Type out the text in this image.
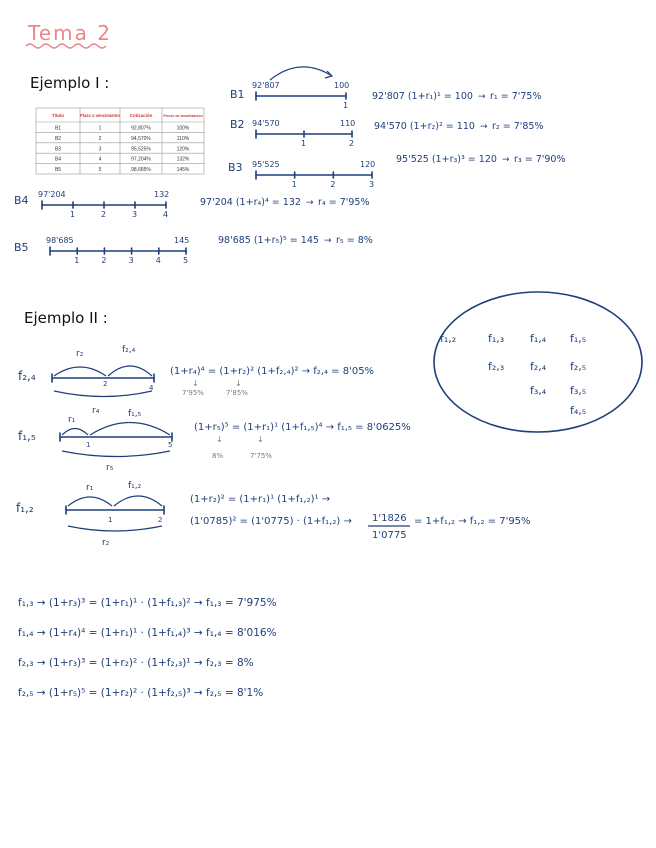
Tema 2
Ejemplo I :
Título	Plazo a vencimiento Cotización	Precio de amortización
B1	1	92,807%	100%
B2	2	94,570%	110%
B3	3	95,525%	120%
B4	4	97,204%	132%
B5	5	98,685%	145%
B1
92'807	100
1
92'807 (1+r₁)¹ = 100 r₁ = 7'75%
→
B2 94'570	110
1	2
94'570 (1+r₂)² = 110 r₂ = 7'85%
→
B3 95'525	120
1	2	3
95'525 (1+r₃)³ = 120 r₃ = 7'90%
→
B4 97'204	132
1	2	3	4
97'204 (1+r₄)⁴ = 132 r₄ = 7'95%
→
B5
98'685	145
1	2	3	4	5
98'685 (1+r₅)⁵ = 145 r₅ = 8%
→
Ejemplo II :
f₁,₂	f₁,₃ f₁,₄ f₁,₅
f₂,₃ f₂,₄ f₂,₅
f₃,₄ f₃,₅
f₄,₅
f₂,₄
r₂	f₂,₄
2	4
r₄
(1+r₄)⁴ = (1+r₂)² (1+f₂,₄)² → f₂,₄ = 8'05%
↓	↓
7'95%	7'85%
f₁,₅
r₁
f₁,₅
1	5
r₅
(1+r₅)⁵ = (1+r₁)¹ (1+f₁,₅)⁴ → f₁,₅ = 8'0625%
↓	↓
8%	7'75%
f₁,₂
r₁	f₁,₂
1	2
r₂
(1+r₂)² = (1+r₁)¹ (1+f₁,₂)¹ →
(1'0785)² = (1'0775) · (1+f₁,₂) → 1'1826
1'0775
= 1+f₁,₂ → f₁,₂ = 7'95%
f₁,₃ → (1+r₃)³ = (1+r₁)¹ · (1+f₁,₃)² → f₁,₃ = 7'975%
f₁,₄ → (1+r₄)⁴ = (1+r₁)¹ · (1+f₁,₄)³ → f₁,₄ = 8'016%
f₂,₃ → (1+r₃)³ = (1+r₂)² · (1+f₂,₃)¹ → f₂,₃ = 8%
f₂,₅ → (1+r₅)⁵ = (1+r₂)² · (1+f₂,₅)³ → f₂,₅ = 8'1%
